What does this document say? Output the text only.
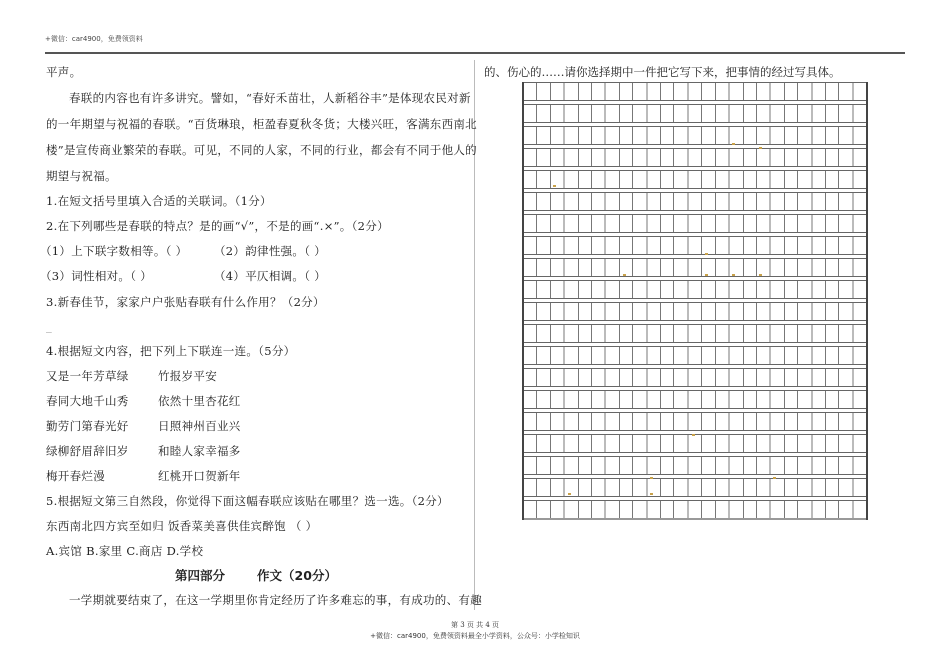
+微信：car4900，免费领资料
平声。
春联的内容也有许多讲究。譬如，“春好禾苗壮，人新稻谷丰”是体现农民对新
的一年期望与祝福的春联。“百货琳琅，柜盈春夏秋冬货；大楼兴旺，客满东西南北
楼”是宣传商业繁荣的春联。可见，不同的人家，不同的行业，都会有不同于他人的
期望与祝福。
1.在短文括号里填入合适的关联词。（1分）
2.在下列哪些是春联的特点？是的画“√”，不是的画“.×”。（2分）
（1）上下联字数相等。（ ） （2）韵律性强。（ ）
（3）词性相对。（ ）	（4）平仄相调。（ ）
3.新春佳节，家家户户张贴春联有什么作用？（2分）
_
4.根据短文内容，把下列上下联连一连。（5分）
又是一年芳草绿	竹报岁平安
春同大地千山秀	依然十里杏花红
勤劳门第春光好	日照神州百业兴
绿柳舒眉辞旧岁	和睦人家幸福多
梅开春烂漫	红桃开口贺新年
5.根据短文第三自然段，你觉得下面这幅春联应该贴在哪里？选一选。（2分）
东西南北四方宾至如归 饭香菜美喜供佳宾醉饱 （ ）
A.宾馆 B.家里 C.商店 D.学校
第四部分	作文（20分）
一学期就要结束了，在这一学期里你肯定经历了许多难忘的事，有成功的、有趣
的、伤心的……请你选择期中一件把它写下来，把事情的经过写具体。
第 3 页 共 4 页
+微信：car4900，免费领资料最全小学资料，公众号：小学检知识
